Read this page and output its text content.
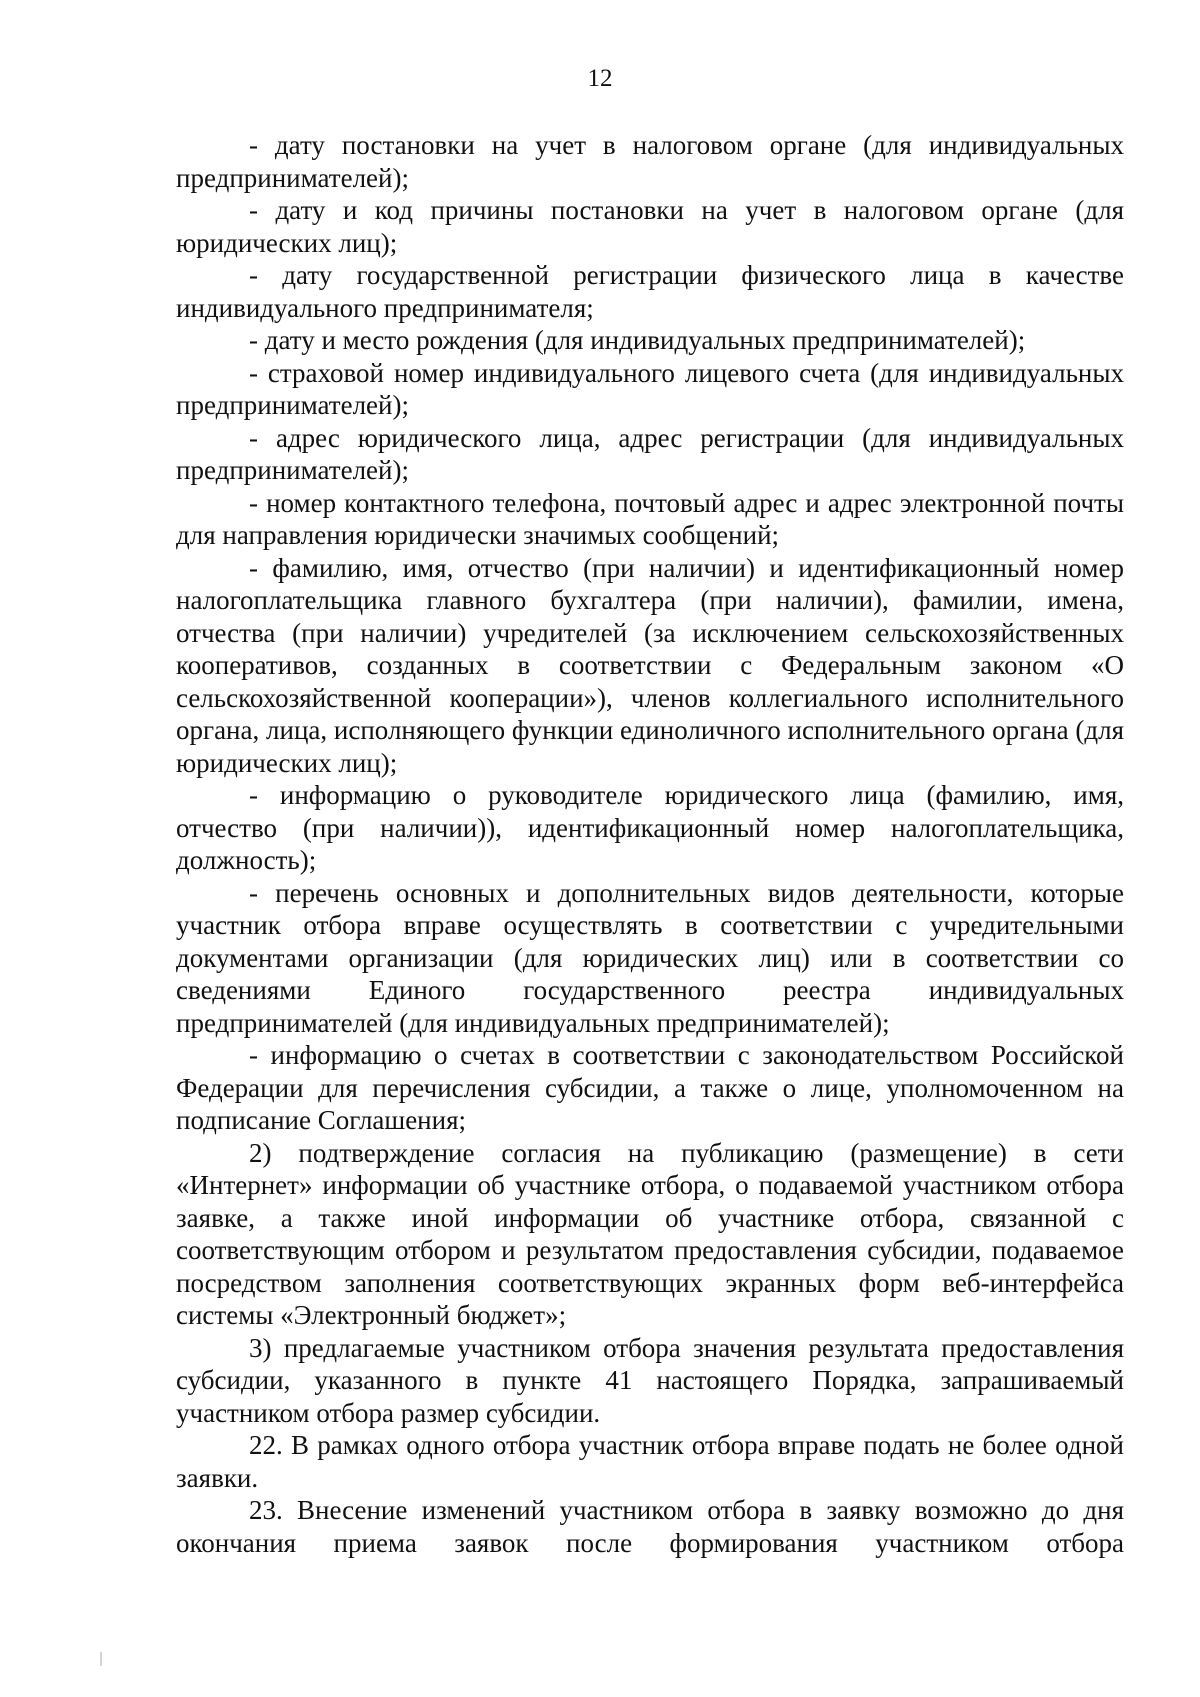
12

- дату постановки на учет в налоговом органе (для индивидуальных предпринимателей);

- дату и код причины постановки на учет в налоговом органе (для юридических лиц);

- дату государственной регистрации физического лица в качестве индивидуального предпринимателя;

- дату и место рождения (для индивидуальных предпринимателей);

- страховой номер индивидуального лицевого счета (для индивидуальных предпринимателей);

- адрес юридического лица, адрес регистрации (для индивидуальных предпринимателей);

- номер контактного телефона, почтовый адрес и адрес электронной почты для направления юридически значимых сообщений;

- фамилию, имя, отчество (при наличии) и идентификационный номер налогоплательщика главного бухгалтера (при наличии), фамилии, имена, отчества (при наличии) учредителей (за исключением сельскохозяйственных кооперативов, созданных в соответствии с Федеральным законом «О сельскохозяйственной кооперации»), членов коллегиального исполнительного органа, лица, исполняющего функции единоличного исполнительного органа (для юридических лиц);

- информацию о руководителе юридического лица (фамилию, имя, отчество (при наличии)), идентификационный номер налогоплательщика, должность);

- перечень основных и дополнительных видов деятельности, которые участник отбора вправе осуществлять в соответствии с учредительными документами организации (для юридических лиц) или в соответствии со сведениями Единого государственного реестра индивидуальных предпринимателей (для индивидуальных предпринимателей);

- информацию о счетах в соответствии с законодательством Российской Федерации для перечисления субсидии, а также о лице, уполномоченном на подписание Соглашения;

2) подтверждение согласия на публикацию (размещение) в сети «Интернет» информации об участнике отбора, о подаваемой участником отбора заявке, а также иной информации об участнике отбора, связанной с соответствующим отбором и результатом предоставления субсидии, подаваемое посредством заполнения соответствующих экранных форм веб-интерфейса системы «Электронный бюджет»;

3) предлагаемые участником отбора значения результата предоставления субсидии, указанного в пункте 41 настоящего Порядка, запрашиваемый участником отбора размер субсидии.

22. В рамках одного отбора участник отбора вправе подать не более одной заявки.

23. Внесение изменений участником отбора в заявку возможно до дня окончания приема заявок после формирования участником отбора
